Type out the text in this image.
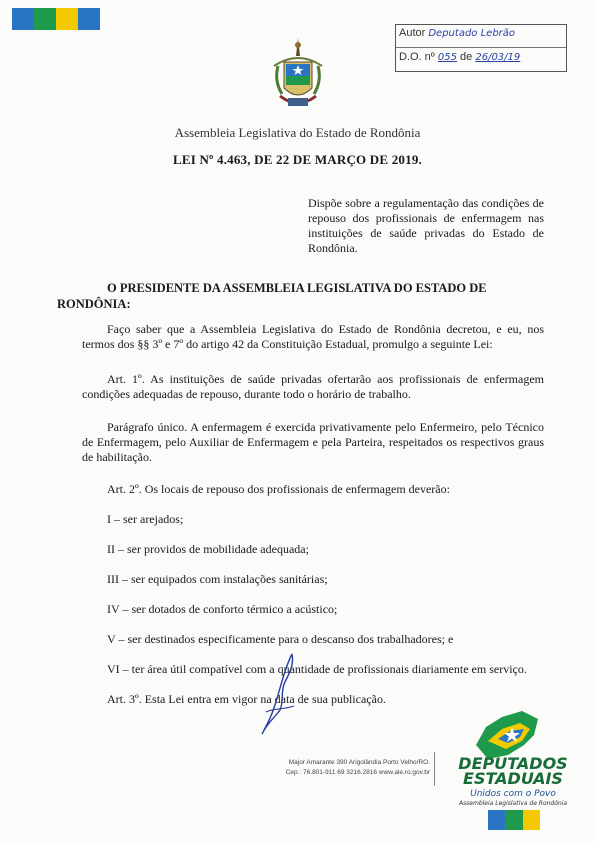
Autor Deputado Lebrão
D.O. nº 055 de 26/03/19
Assembleia Legislativa do Estado de Rondônia
LEI Nº 4.463, DE 22 DE MARÇO DE 2019.
Dispõe sobre a regulamentação das condições de repouso dos profissionais de enfermagem nas instituições de saúde privadas do Estado de Rondônia.
O PRESIDENTE DA ASSEMBLEIA LEGISLATIVA DO ESTADO DE
RONDÔNIA:
Faço saber que a Assembleia Legislativa do Estado de Rondônia decretou, e eu, nos termos dos §§ 3º e 7º do artigo 42 da Constituição Estadual, promulgo a seguinte Lei:
Art. 1º. As instituições de saúde privadas ofertarão aos profissionais de enfermagem condições adequadas de repouso, durante todo o horário de trabalho.
Parágrafo único. A enfermagem é exercida privativamente pelo Enfermeiro, pelo Técnico de Enfermagem, pelo Auxiliar de Enfermagem e pela Parteira, respeitados os respectivos graus de habilitação.
Art. 2º. Os locais de repouso dos profissionais de enfermagem deverão:
I – ser arejados;
II – ser providos de mobilidade adequada;
III – ser equipados com instalações sanitárias;
IV – ser dotados de conforto térmico a acústico;
V – ser destinados especificamente para o descanso dos trabalhadores; e
VI – ter área útil compatível com a quantidade de profissionais diariamente em serviço.
Art. 3º. Esta Lei entra em vigor na data de sua publicação.
Major Amarante 390 Arigolândia Porto Velho/RO.
Cep.: 76.801-911 69 3216.2816 www.ale.ro.gov.br	DEPUTADOS
ESTADUAIS
Unidos com o Povo
Assembleia Legislativa de Rondônia
